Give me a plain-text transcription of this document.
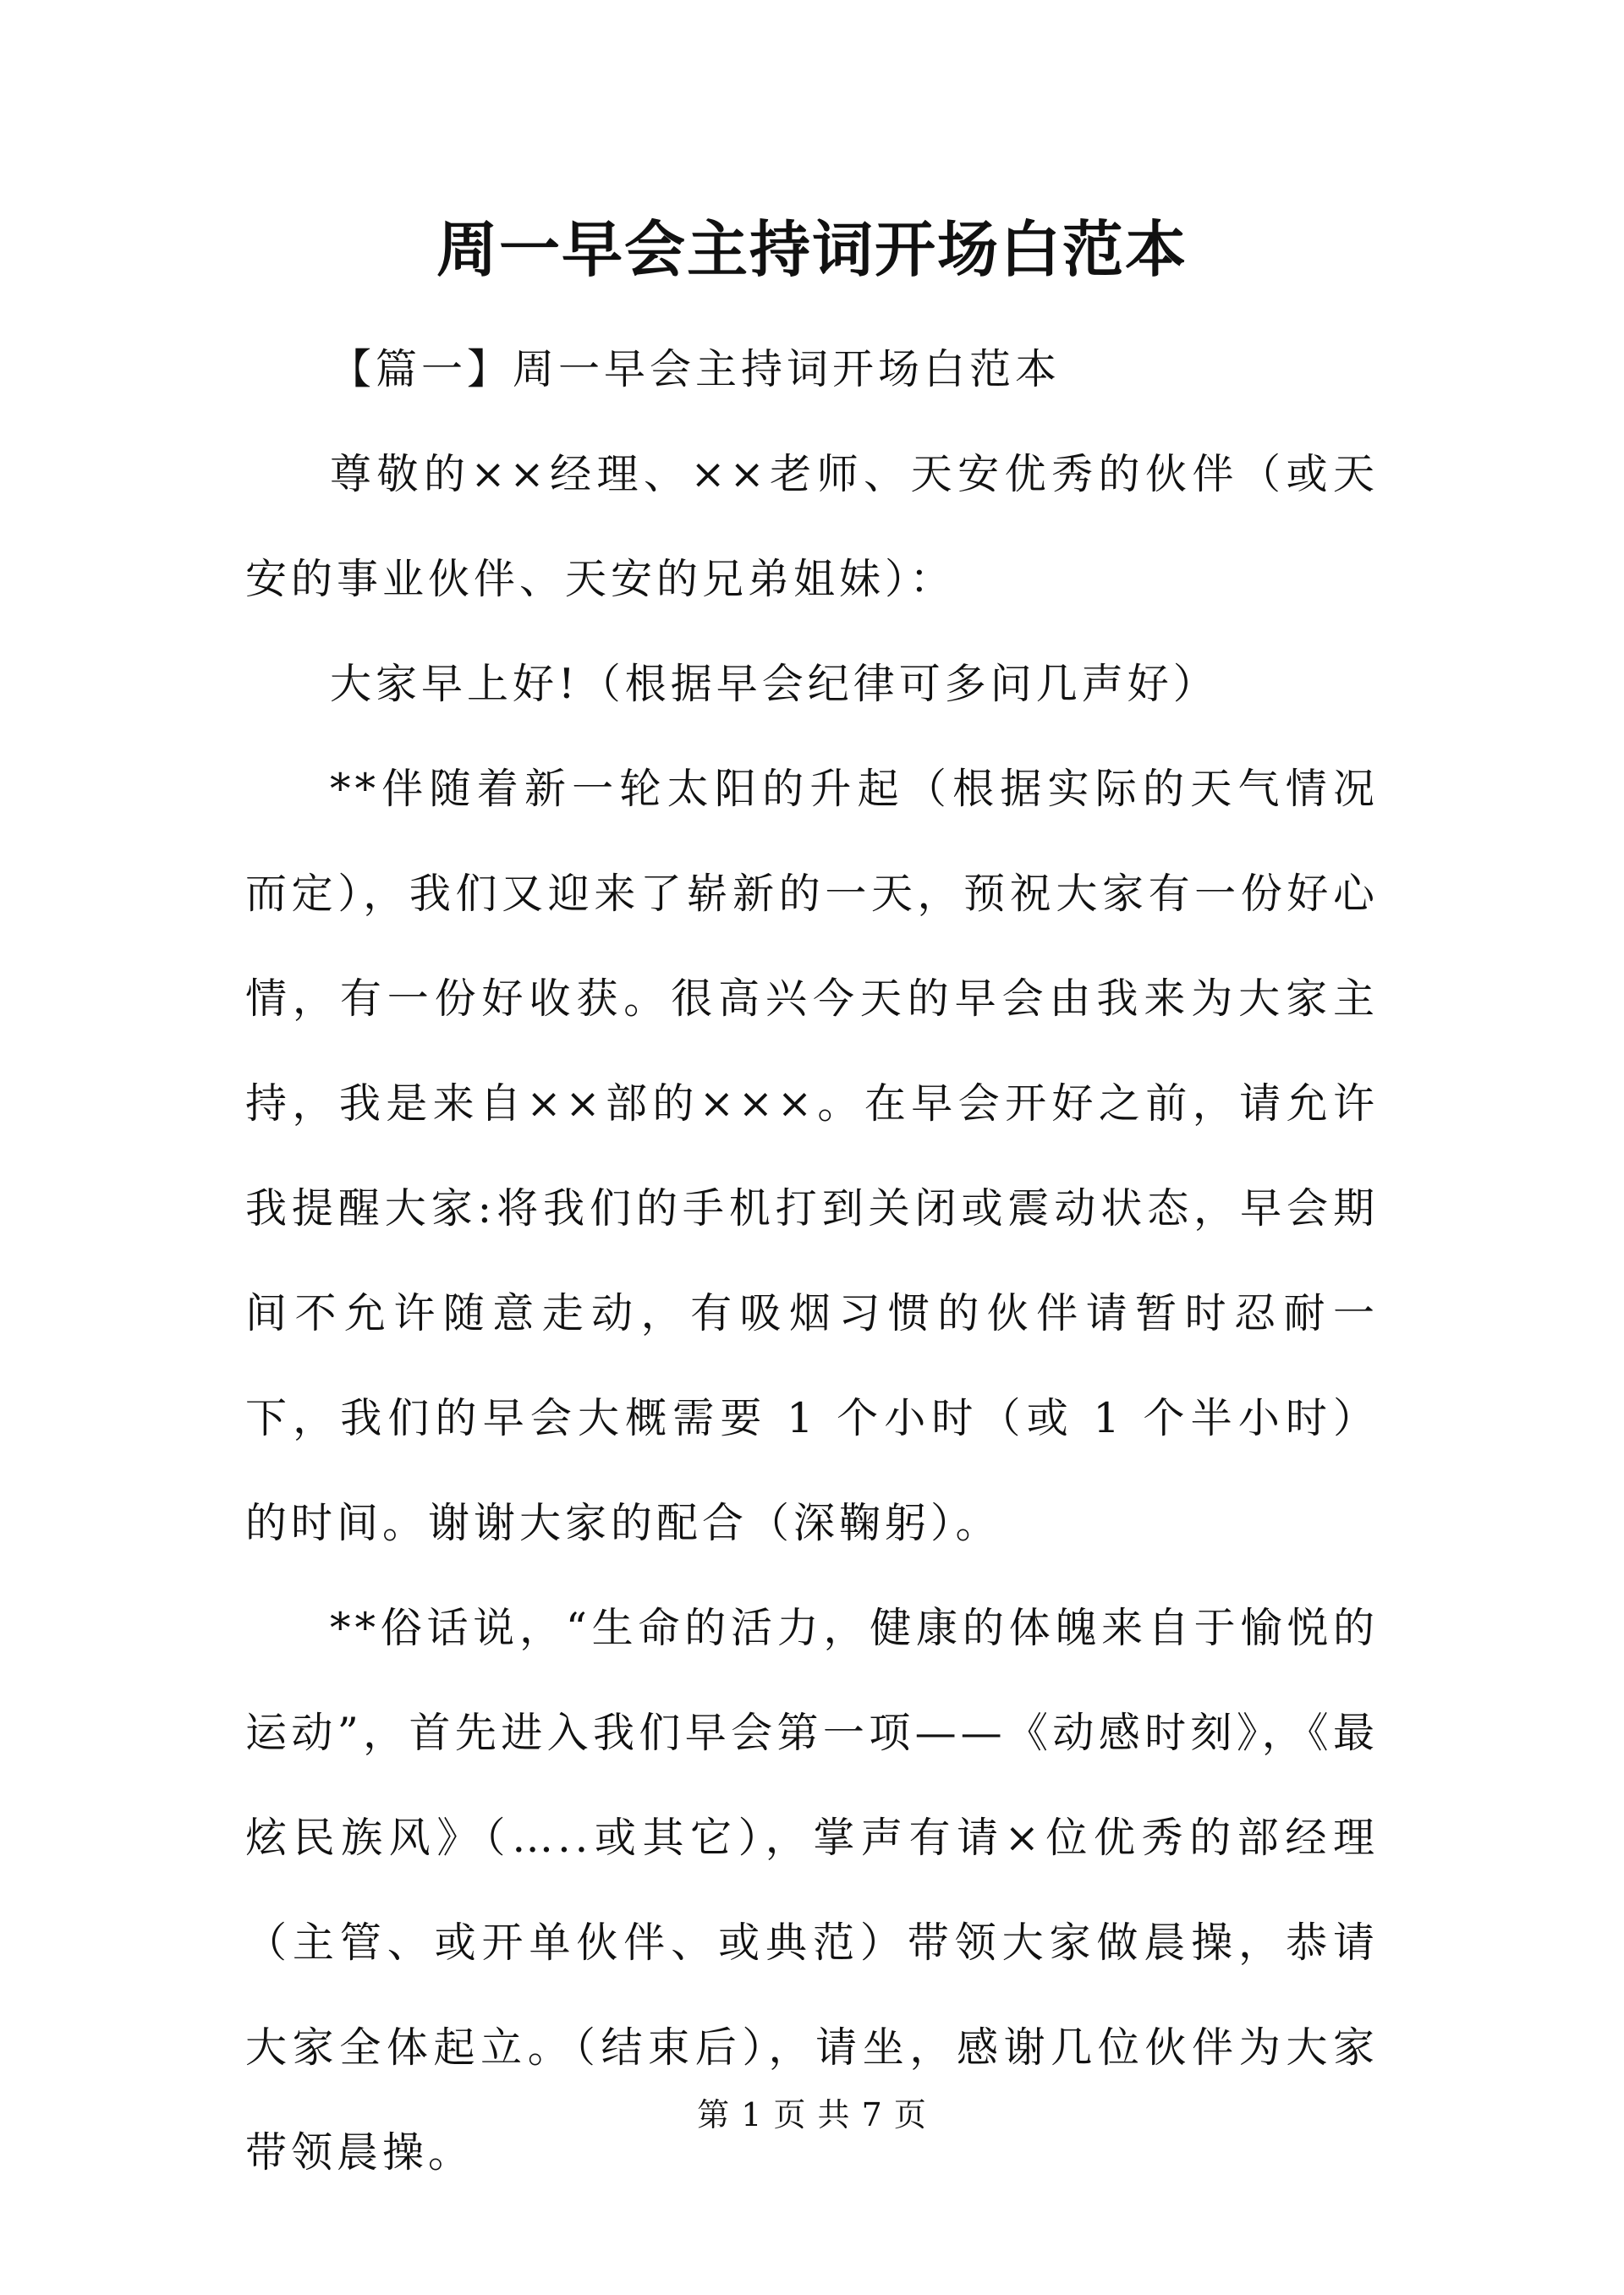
周一早会主持词开场白范本

【篇一】周一早会主持词开场白范本

尊敬的××经理、××老师、天安优秀的伙伴（或天安的事业伙伴、天安的兄弟姐妹）：

大家早上好!（根据早会纪律可多问几声好）

**伴随着新一轮太阳的升起（根据实际的天气情况而定），我们又迎来了崭新的一天，预祝大家有一份好心情，有一份好收获。很高兴今天的早会由我来为大家主持，我是来自××部的×××。在早会开好之前，请允许我提醒大家:将我们的手机打到关闭或震动状态，早会期间不允许随意走动，有吸烟习惯的伙伴请暂时忍耐一下，我们的早会大概需要 1 个小时（或 1 个半小时）的时间。谢谢大家的配合（深鞠躬）。

**俗话说，“生命的活力，健康的体魄来自于愉悦的运动”，首先进入我们早会第一项——《动感时刻》，《最炫民族风》（…..或其它），掌声有请×位优秀的部经理（主管、或开单伙伴、或典范）带领大家做晨操，恭请大家全体起立。（结束后），请坐，感谢几位伙伴为大家带领晨操。

第 1 页 共 7 页
